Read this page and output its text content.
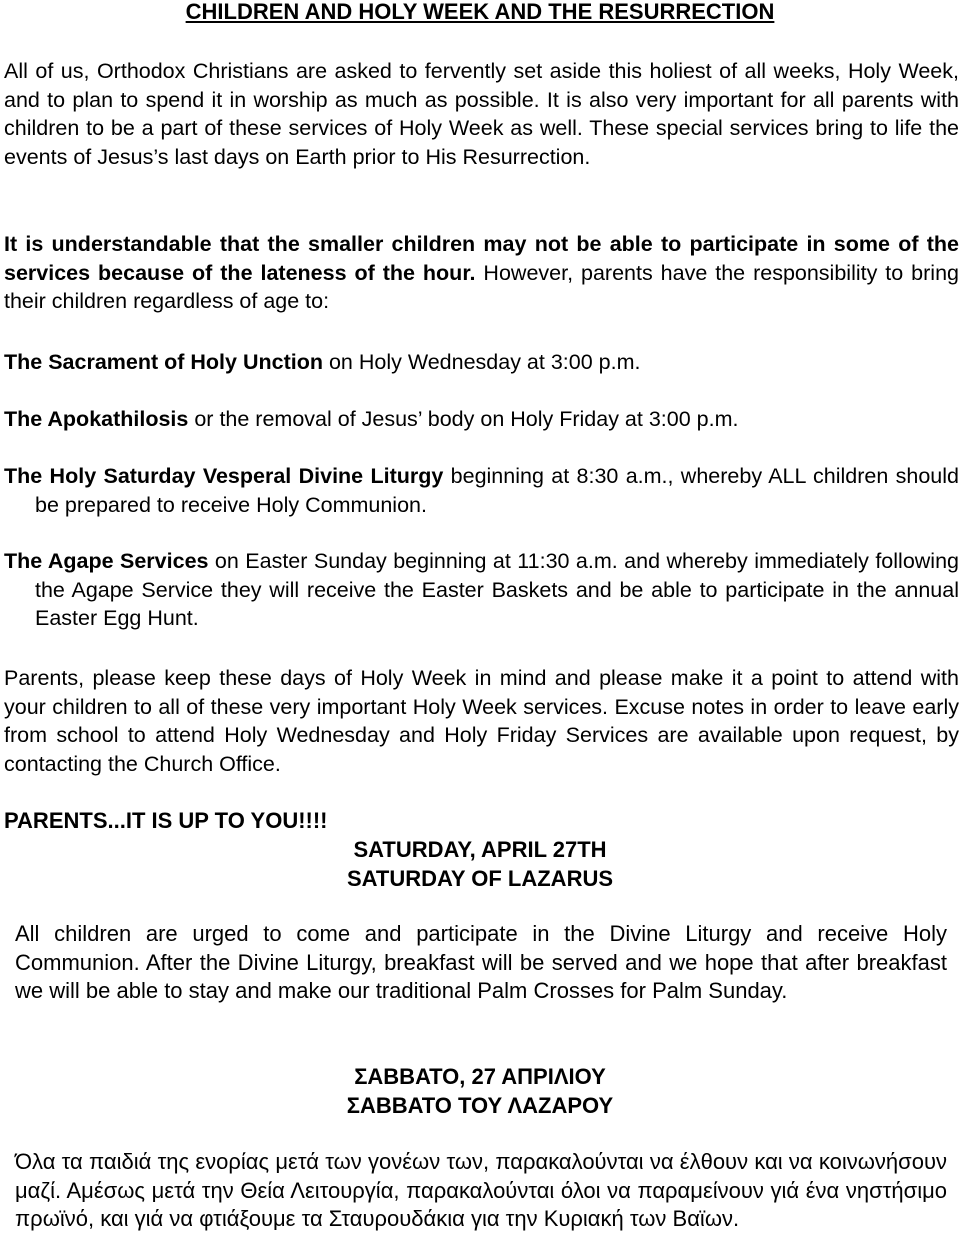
CHILDREN AND HOLY WEEK AND THE RESURRECTION

All of us, Orthodox Christians are asked to fervently set aside this holiest of all weeks, Holy Week, and to plan to spend it in worship as much as possible. It is also very important for all parents with children to be a part of these services of Holy Week as well. These special services bring to life the events of Jesus’s last days on Earth prior to His Resurrection.

It is understandable that the smaller children may not be able to participate in some of the services because of the lateness of the hour. However, parents have the responsibility to bring their children regardless of age to:

The Sacrament of Holy Unction on Holy Wednesday at 3:00 p.m.

The Apokathilosis or the removal of Jesus’ body on Holy Friday at 3:00 p.m.

The Holy Saturday Vesperal Divine Liturgy beginning at 8:30 a.m., whereby ALL children should be prepared to receive Holy Communion.

The Agape Services on Easter Sunday beginning at 11:30 a.m. and whereby immediately following the Agape Service they will receive the Easter Baskets and be able to participate in the annual Easter Egg Hunt.

Parents, please keep these days of Holy Week in mind and please make it a point to attend with your children to all of these very important Holy Week services. Excuse notes in order to leave early from school to attend Holy Wednesday and Holy Friday Services are available upon request, by contacting the Church Office.

PARENTS...IT IS UP TO YOU!!!!

SATURDAY, APRIL 27TH

SATURDAY OF LAZARUS

All children are urged to come and participate in the Divine Liturgy and receive Holy Communion. After the Divine Liturgy, breakfast will be served and we hope that after breakfast we will be able to stay and make our traditional Palm Crosses for Palm Sunday.

ΣΑΒΒΑΤΟ, 27 ΑΠΡΙΛΙΟΥ

ΣΑΒΒΑΤΟ ΤΟΥ ΛΑΖΑΡΟΥ

Όλα τα παιδιά της ενορίας μετά των γονέων των, παρακαλούνται να έλθουν και να κοινωνήσουν μαζί. Αμέσως μετά την Θεία Λειτουργία, παρακαλούνται όλοι να παραμείνουν γιά ένα νηστήσιμο πρωϊνό, και γιά να φτιάξουμε τα Σταυρουδάκια για την Κυριακή των Βαϊων.
